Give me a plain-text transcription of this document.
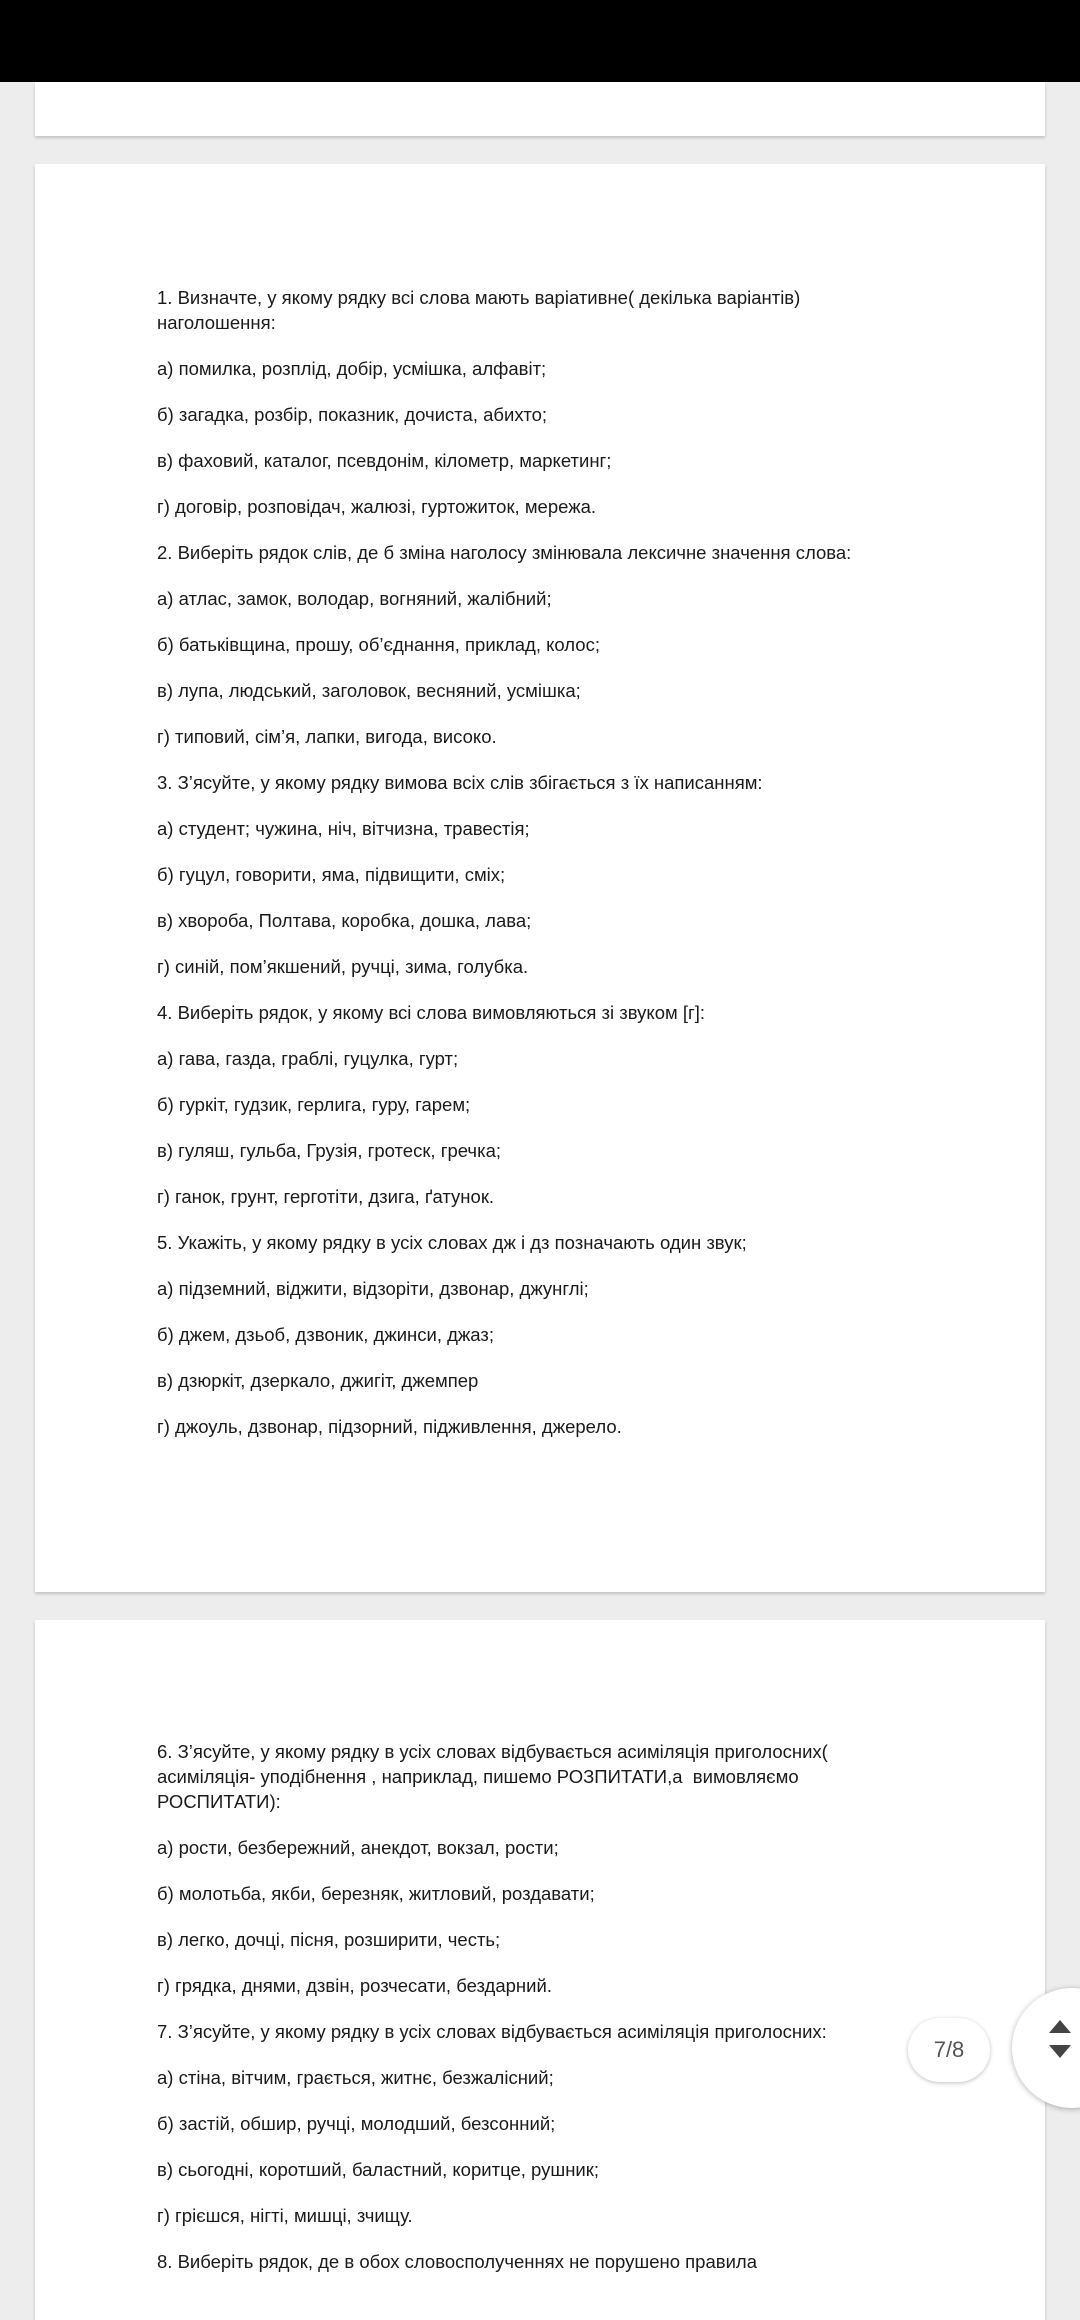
1. Визначте, у якому рядку всі слова мають варіативне( декілька варіантів) наголошення:

а) помилка, розплід, добір, усмішка, алфавіт;

б) загадка, розбір, показник, дочиста, абихто;

в) фаховий, каталог, псевдонім, кілометр, маркетинг;

г) договір, розповідач, жалюзі, гуртожиток, мережа.

2. Виберіть рядок слів, де б зміна наголосу змінювала лексичне значення слова:

а) атлас, замок, володар, вогняний, жалібний;

б) батьківщина, прошу, об’єднання, приклад, колос;

в) лупа, людський, заголовок, весняний, усмішка;

г) типовий, сім’я, лапки, вигода, високо.

3. З’ясуйте, у якому рядку вимова всіх слів збігається з їх написанням:

а) студент; чужина, ніч, вітчизна, травестія;

б) гуцул, говорити, яма, підвищити, сміх;

в) хвороба, Полтава, коробка, дошка, лава;

г) синій, пом’якшений, ручці, зима, голубка.

4. Виберіть рядок, у якому всі слова вимовляються зі звуком [г]:

а) гава, газда, граблі, гуцулка, гурт;

б) гуркіт, гудзик, герлига, гуру, гарем;

в) гуляш, гульба, Грузія, гротеск, гречка;

г) ганок, грунт, герготіти, дзига, ґатунок.

5. Укажіть, у якому рядку в усіх словах дж і дз позначають один звук;

а) підземний, віджити, відзоріти, дзвонар, джунглі;

б) джем, дзьоб, дзвоник, джинси, джаз;

в) дзюркіт, дзеркало, джигіт, джемпер

г) джоуль, дзвонар, підзорний, підживлення, джерело.

6. З’ясуйте, у якому рядку в усіх словах відбувається асиміляція приголосних( асиміляція- уподібнення , наприклад, пишемо РОЗПИТАТИ,а  вимовляємо РОСПИТАТИ):

а) рости, безбережний, анекдот, вокзал, рости;

б) молотьба, якби, березняк, житловий, роздавати;

в) легко, дочці, пісня, розширити, честь;

г) грядка, днями, дзвін, розчесати, бездарний.

7. З’ясуйте, у якому рядку в усіх словах відбувається асиміляція приголосних:

а) стіна, вітчим, грається, житнє, безжалісний;

б) застій, обшир, ручці, молодший, безсонний;

в) сьогодні, коротший, баластний, коритце, рушник;

г) грієшся, нігті, мишці, зчищу.

8. Виберіть рядок, де в обох словосполученнях не порушено правила

7/8
